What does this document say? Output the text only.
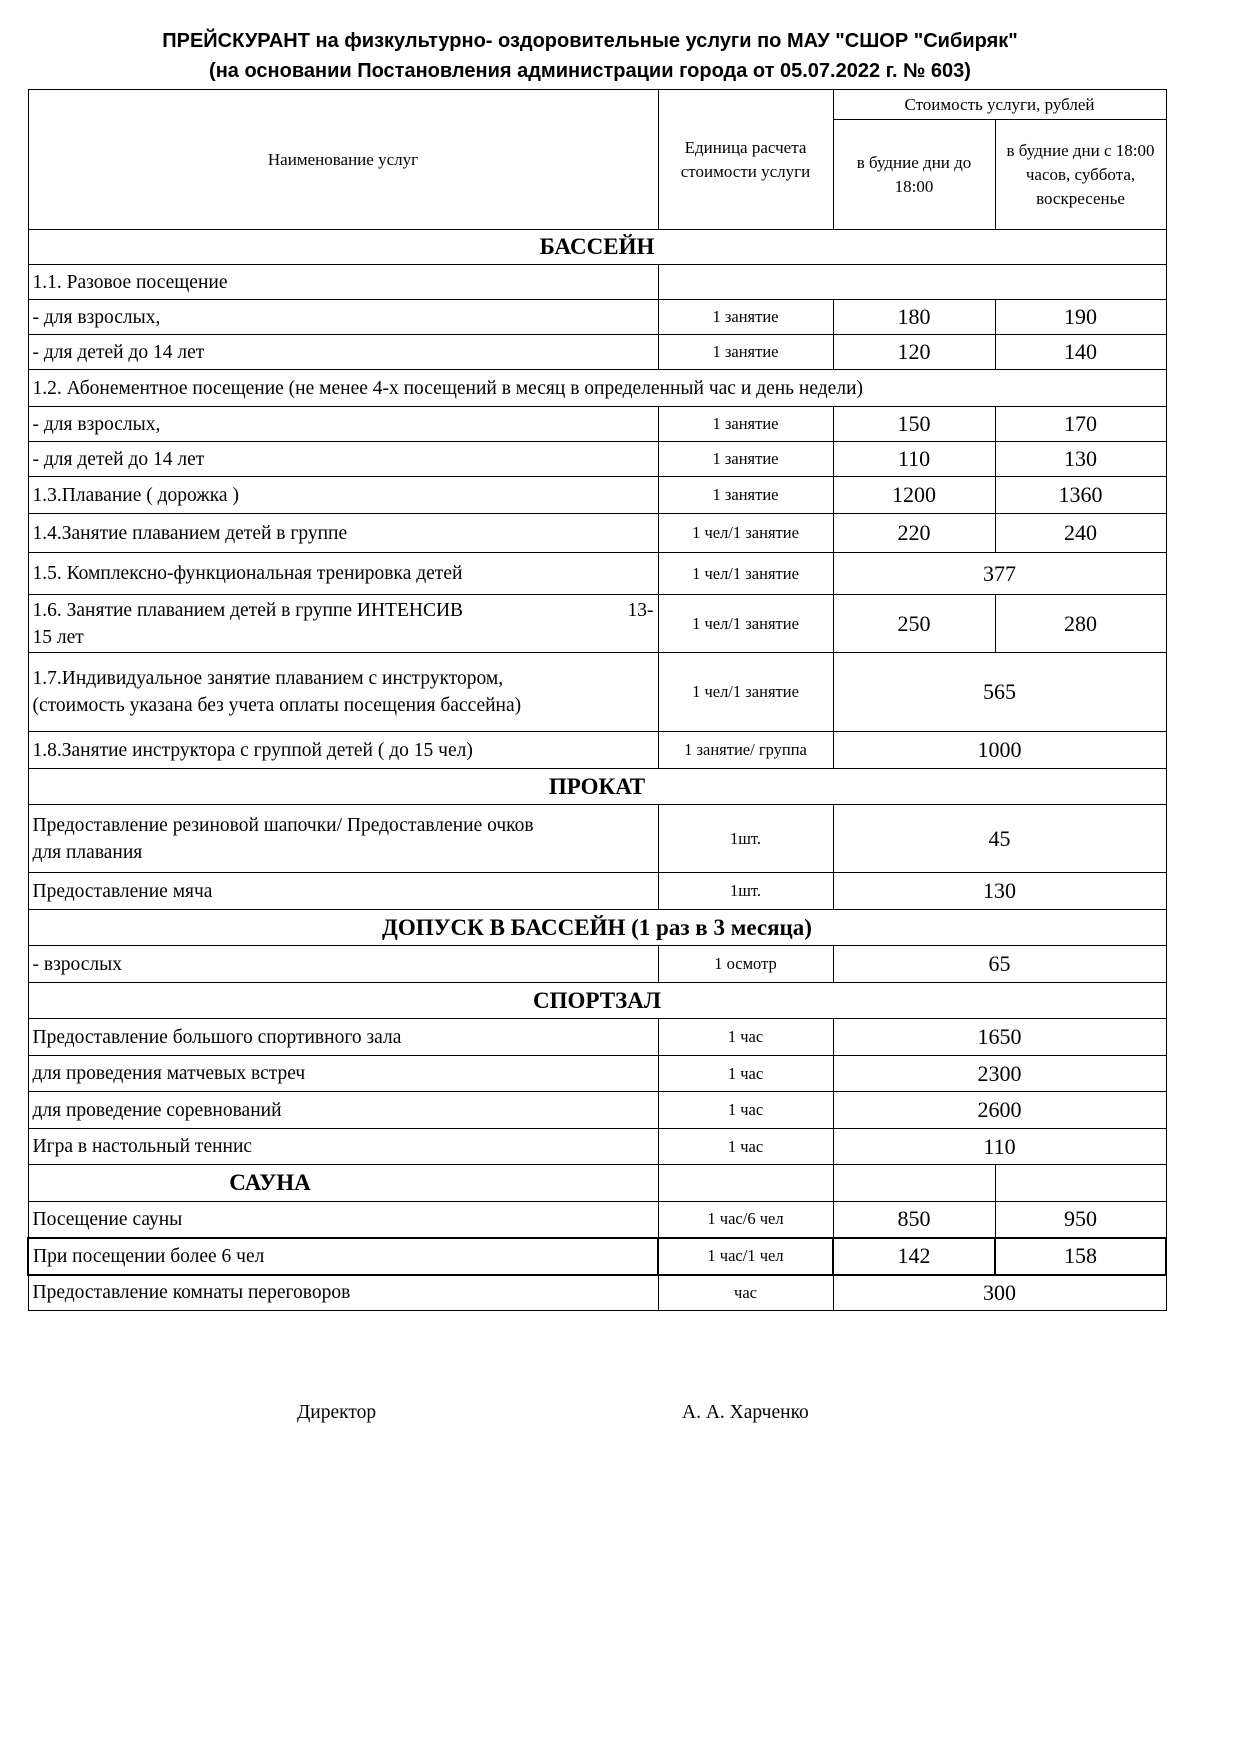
ПРЕЙСКУРАНТ на физкультурно- оздоровительные услуги по МАУ "СШОР "Сибиряк"
(на основании Постановления администрации города от 05.07.2022 г. № 603)
Наименование услуг	Единица расчета стоимости услуги	Стоимость услуги, рублей	
		в будние дни до 18:00	в будние дни с 18:00 часов, суббота, воскресенье
БАССЕЙН			
1.1. Разовое посещение			
- для взрослых,	1 занятие	180	190
- для детей до 14 лет	1 занятие	120	140
1.2. Абонементное посещение (не менее 4-х посещений в месяц в определенный час и день недели)			
- для взрослых,	1 занятие	150	170
- для детей до 14 лет	1 занятие	110	130
1.3.Плавание ( дорожка )	1 занятие	1200	1360
1.4.Занятие плаванием детей в группе	1 чел/1 занятие	220	240
1.5. Комплексно-функциональная тренировка детей	1 чел/1 занятие	377	

1.6. Занятие плаванием детей в группе ИНТЕНСИВ 13-
15 лет	1 чел/1 занятие	250	280

1.7.Индивидуальное занятие плаванием с инструктором,
(стоимость указана без учета оплаты посещения бассейна)	1 чел/1 занятие	565	
1.8.Занятие инструктора с группой детей ( до 15 чел)	1 занятие/ группа	1000	
ПРОКАТ			

Предоставление резиновой шапочки/ Предоставление очков
для плавания	1шт.	45	
Предоставление мяча	1шт.	130	
ДОПУСК В БАССЕЙН (1 раз в 3 месяца)			
- взрослых	1 осмотр	65	
СПОРТЗАЛ			
Предоставление большого спортивного зала	1 час	1650	
для проведения матчевых встреч	1 час	2300	
для проведение соревнований	1 час	2600	
Игра в настольный теннис	1 час	110	
САУНА			
Посещение сауны	1 час/6 чел	850	950
При посещении более 6 чел	1 час/1 чел	142	158
Предоставление комнаты переговоров	час	300	
Директор	А. А. Харченко
